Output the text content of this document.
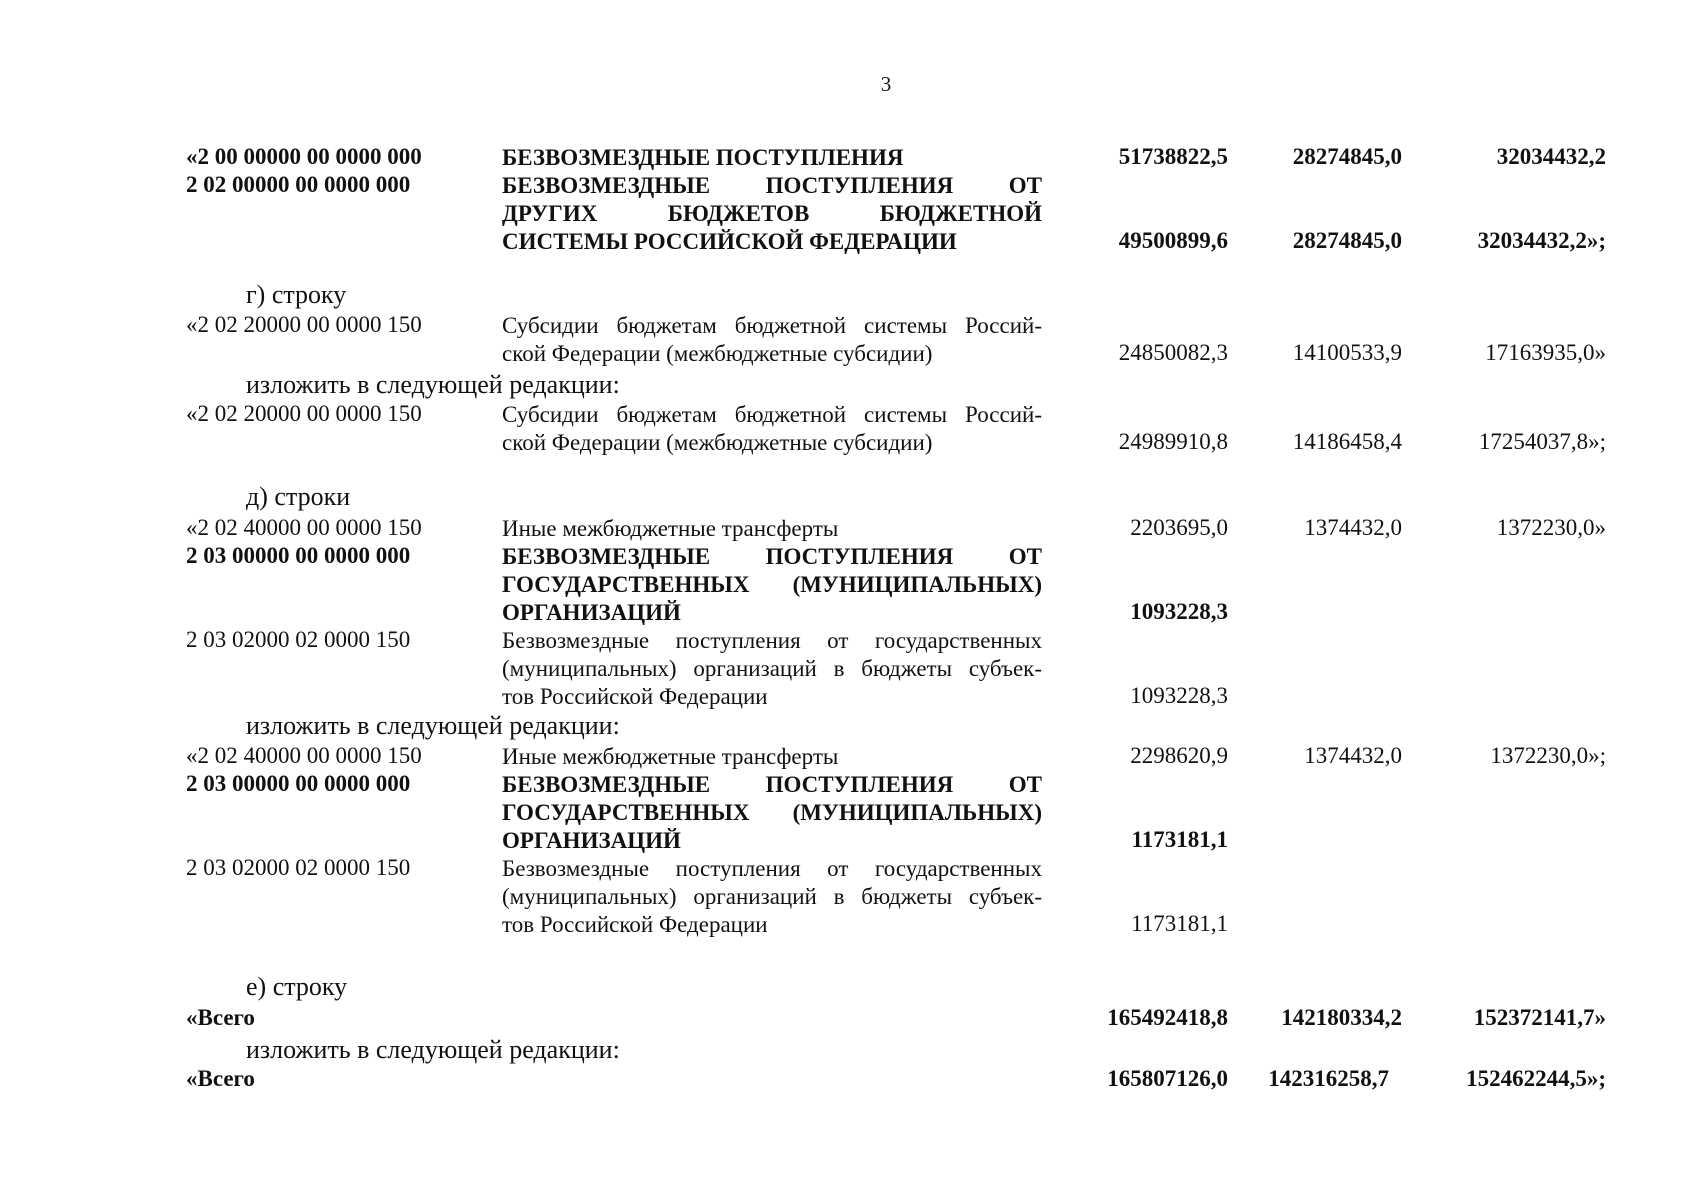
3
«2 00 00000 00 0000 000	БЕЗВОЗМЕЗДНЫЕ ПОСТУПЛЕНИЯ	51738822,5	28274845,0	32034432,2
2 02 00000 00 0000 000	БЕЗВОЗМЕЗДНЫЕ ПОСТУПЛЕНИЯ ОТ
ДРУГИХ БЮДЖЕТОВ БЮДЖЕТНОЙ
СИСТЕМЫ РОССИЙСКОЙ ФЕДЕРАЦИИ	49500899,6	28274845,0	32034432,2»;
г) строку
«2 02 20000 00 0000 150	Субсидии бюджетам бюджетной системы Россий-
ской Федерации (межбюджетные субсидии)	24850082,3	14100533,9	17163935,0»
изложить в следующей редакции:
«2 02 20000 00 0000 150	Субсидии бюджетам бюджетной системы Россий-
ской Федерации (межбюджетные субсидии)	24989910,8	14186458,4	17254037,8»;
д) строки
«2 02 40000 00 0000 150	Иные межбюджетные трансферты	2203695,0	1374432,0	1372230,0»
2 03 00000 00 0000 000	БЕЗВОЗМЕЗДНЫЕ ПОСТУПЛЕНИЯ ОТ
ГОСУДАРСТВЕННЫХ (МУНИЦИПАЛЬНЫХ)
ОРГАНИЗАЦИЙ	1093228,3
2 03 02000 02 0000 150	Безвозмездные поступления от государственных
(муниципальных) организаций в бюджеты субъек-
тов Российской Федерации	1093228,3
изложить в следующей редакции:
«2 02 40000 00 0000 150	Иные межбюджетные трансферты	2298620,9	1374432,0	1372230,0»;
2 03 00000 00 0000 000	БЕЗВОЗМЕЗДНЫЕ ПОСТУПЛЕНИЯ ОТ
ГОСУДАРСТВЕННЫХ (МУНИЦИПАЛЬНЫХ)
ОРГАНИЗАЦИЙ	1173181,1
2 03 02000 02 0000 150	Безвозмездные поступления от государственных
(муниципальных) организаций в бюджеты субъек-
тов Российской Федерации	1173181,1
е) строку
«Всего	165492418,8 142180334,2	152372141,7»
изложить в следующей редакции:
«Всего	165807126,0 142316258,7	152462244,5»;
